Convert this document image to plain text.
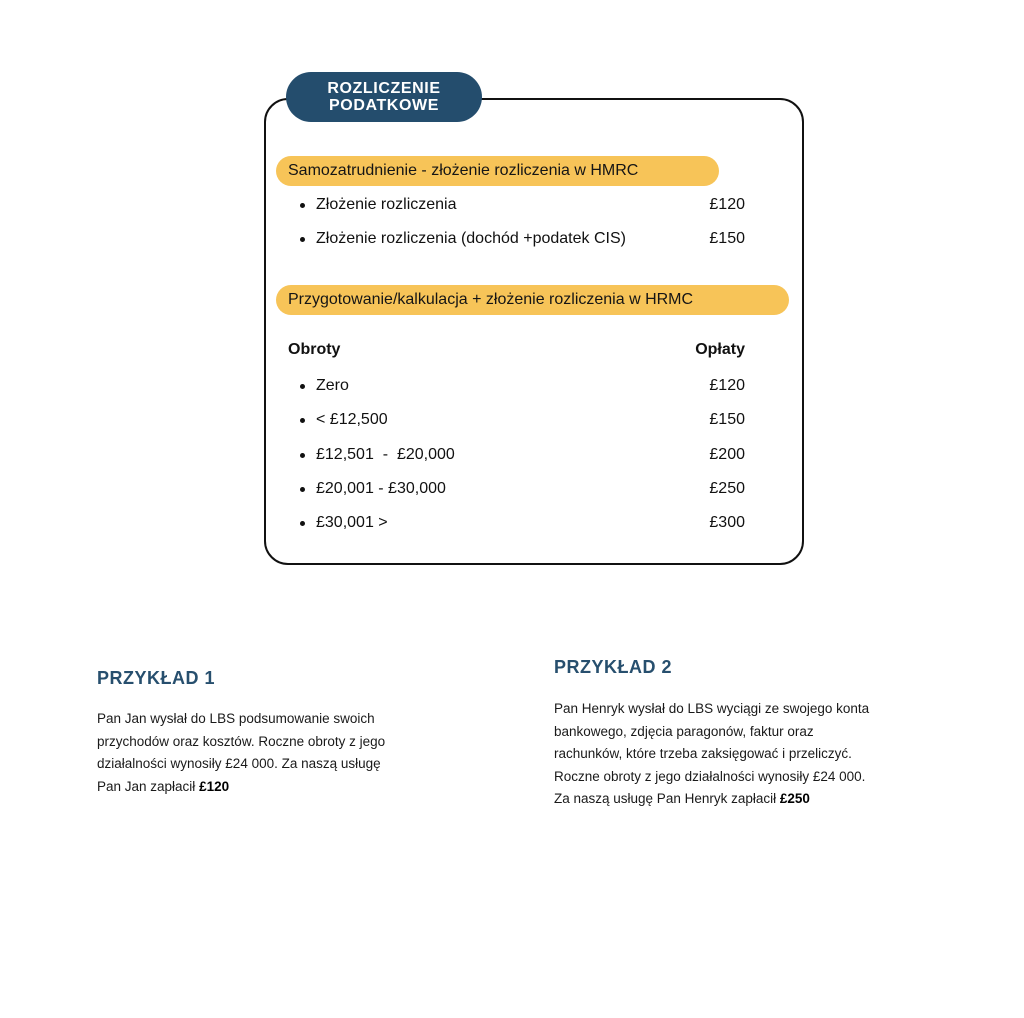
ROZLICZENIE
PODATKOWE
Samozatrudnienie - złożenie rozliczenia w HMRC
Złożenie rozliczenia	£120
Złożenie rozliczenia (dochód +podatek CIS)	£150
Przygotowanie/kalkulacja + złożenie rozliczenia w HRMC
Obroty	Opłaty
Zero	£120
< £12,500	£150
£12,501  -  £20,000	£200
£20,001 - £30,000	£250
£30,001 >	£300
PRZYKŁAD 1
Pan Jan wysłał do LBS podsumowanie swoich
przychodów oraz kosztów. Roczne obroty z jego
działalności wynosiły £24 000. Za naszą usługę
Pan Jan zapłacił £120
PRZYKŁAD 2
Pan Henryk wysłał do LBS wyciągi ze swojego konta
bankowego, zdjęcia paragonów, faktur oraz
rachunków, które trzeba zaksięgować i przeliczyć.
Roczne obroty z jego działalności wynosiły £24 000.
Za naszą usługę Pan Henryk zapłacił £250
